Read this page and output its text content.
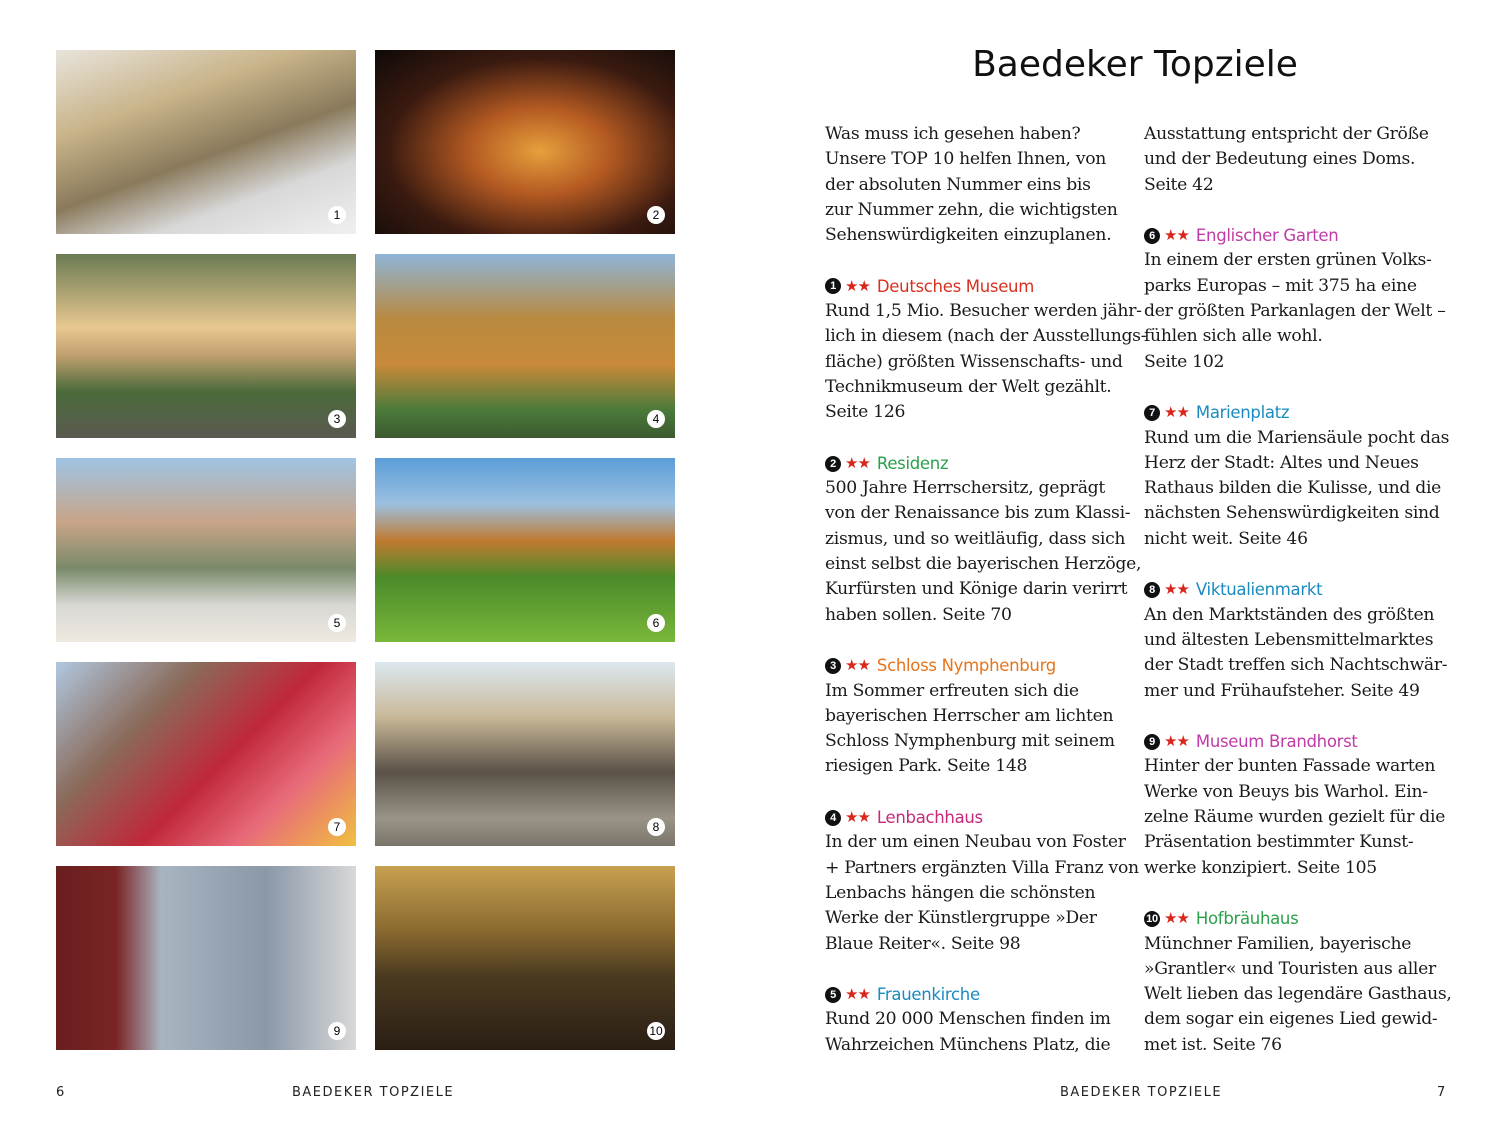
1	2
3	4
5	6
7	8
9	10
Baedeker Topziele
Was muss ich gesehen haben?
Unsere TOP 10 helfen Ihnen, von
der absoluten Nummer eins bis
zur Nummer zehn, die wichtigsten
Sehenswürdigkeiten einzuplanen.
1 ★★ Deutsches Museum
Rund 1,5 Mio. Besucher werden jähr-
lich in diesem (nach der Ausstellungs-
fläche) größten Wissenschafts- und
Technikmuseum der Welt gezählt.
Seite 126
2 ★★ Residenz
500 Jahre Herrschersitz, geprägt
von der Renaissance bis zum Klassi-
zismus, und so weitläufig, dass sich
einst selbst die bayerischen Herzöge,
Kurfürsten und Könige darin verirrt
haben sollen. Seite 70
3 ★★ Schloss Nymphenburg
Im Sommer erfreuten sich die
bayerischen Herrscher am lichten
Schloss Nymphenburg mit seinem
riesigen Park. Seite 148
4 ★★ Lenbachhaus
In der um einen Neubau von Foster
+ Partners ergänzten Villa Franz von
Lenbachs hängen die schönsten
Werke der Künstlergruppe »Der
Blaue Reiter«. Seite 98
5 ★★ Frauenkirche
Rund 20 000 Menschen finden im
Wahrzeichen Münchens Platz, die
Ausstattung entspricht der Größe
und der Bedeutung eines Doms.
Seite 42
6 ★★ Englischer Garten
In einem der ersten grünen Volks-
parks Europas – mit 375 ha eine
der größten Parkanlagen der Welt –
fühlen sich alle wohl.
Seite 102
7 ★★ Marienplatz
Rund um die Mariensäule pocht das
Herz der Stadt: Altes und Neues
Rathaus bilden die Kulisse, und die
nächsten Sehenswürdigkeiten sind
nicht weit. Seite 46
8 ★★ Viktualienmarkt
An den Marktständen des größten
und ältesten Lebensmittelmarktes
der Stadt treffen sich Nachtschwär-
mer und Frühaufsteher. Seite 49
9 ★★ Museum Brandhorst
Hinter der bunten Fassade warten
Werke von Beuys bis Warhol. Ein-
zelne Räume wurden gezielt für die
Präsentation bestimmter Kunst-
werke konzipiert. Seite 105
10 ★★ Hofbräuhaus
Münchner Familien, bayerische
»Grantler« und Touristen aus aller
Welt lieben das legendäre Gasthaus,
dem sogar ein eigenes Lied gewid-
met ist. Seite 76
6	BAEDEKER TOPZIELE	BAEDEKER TOPZIELE	7
